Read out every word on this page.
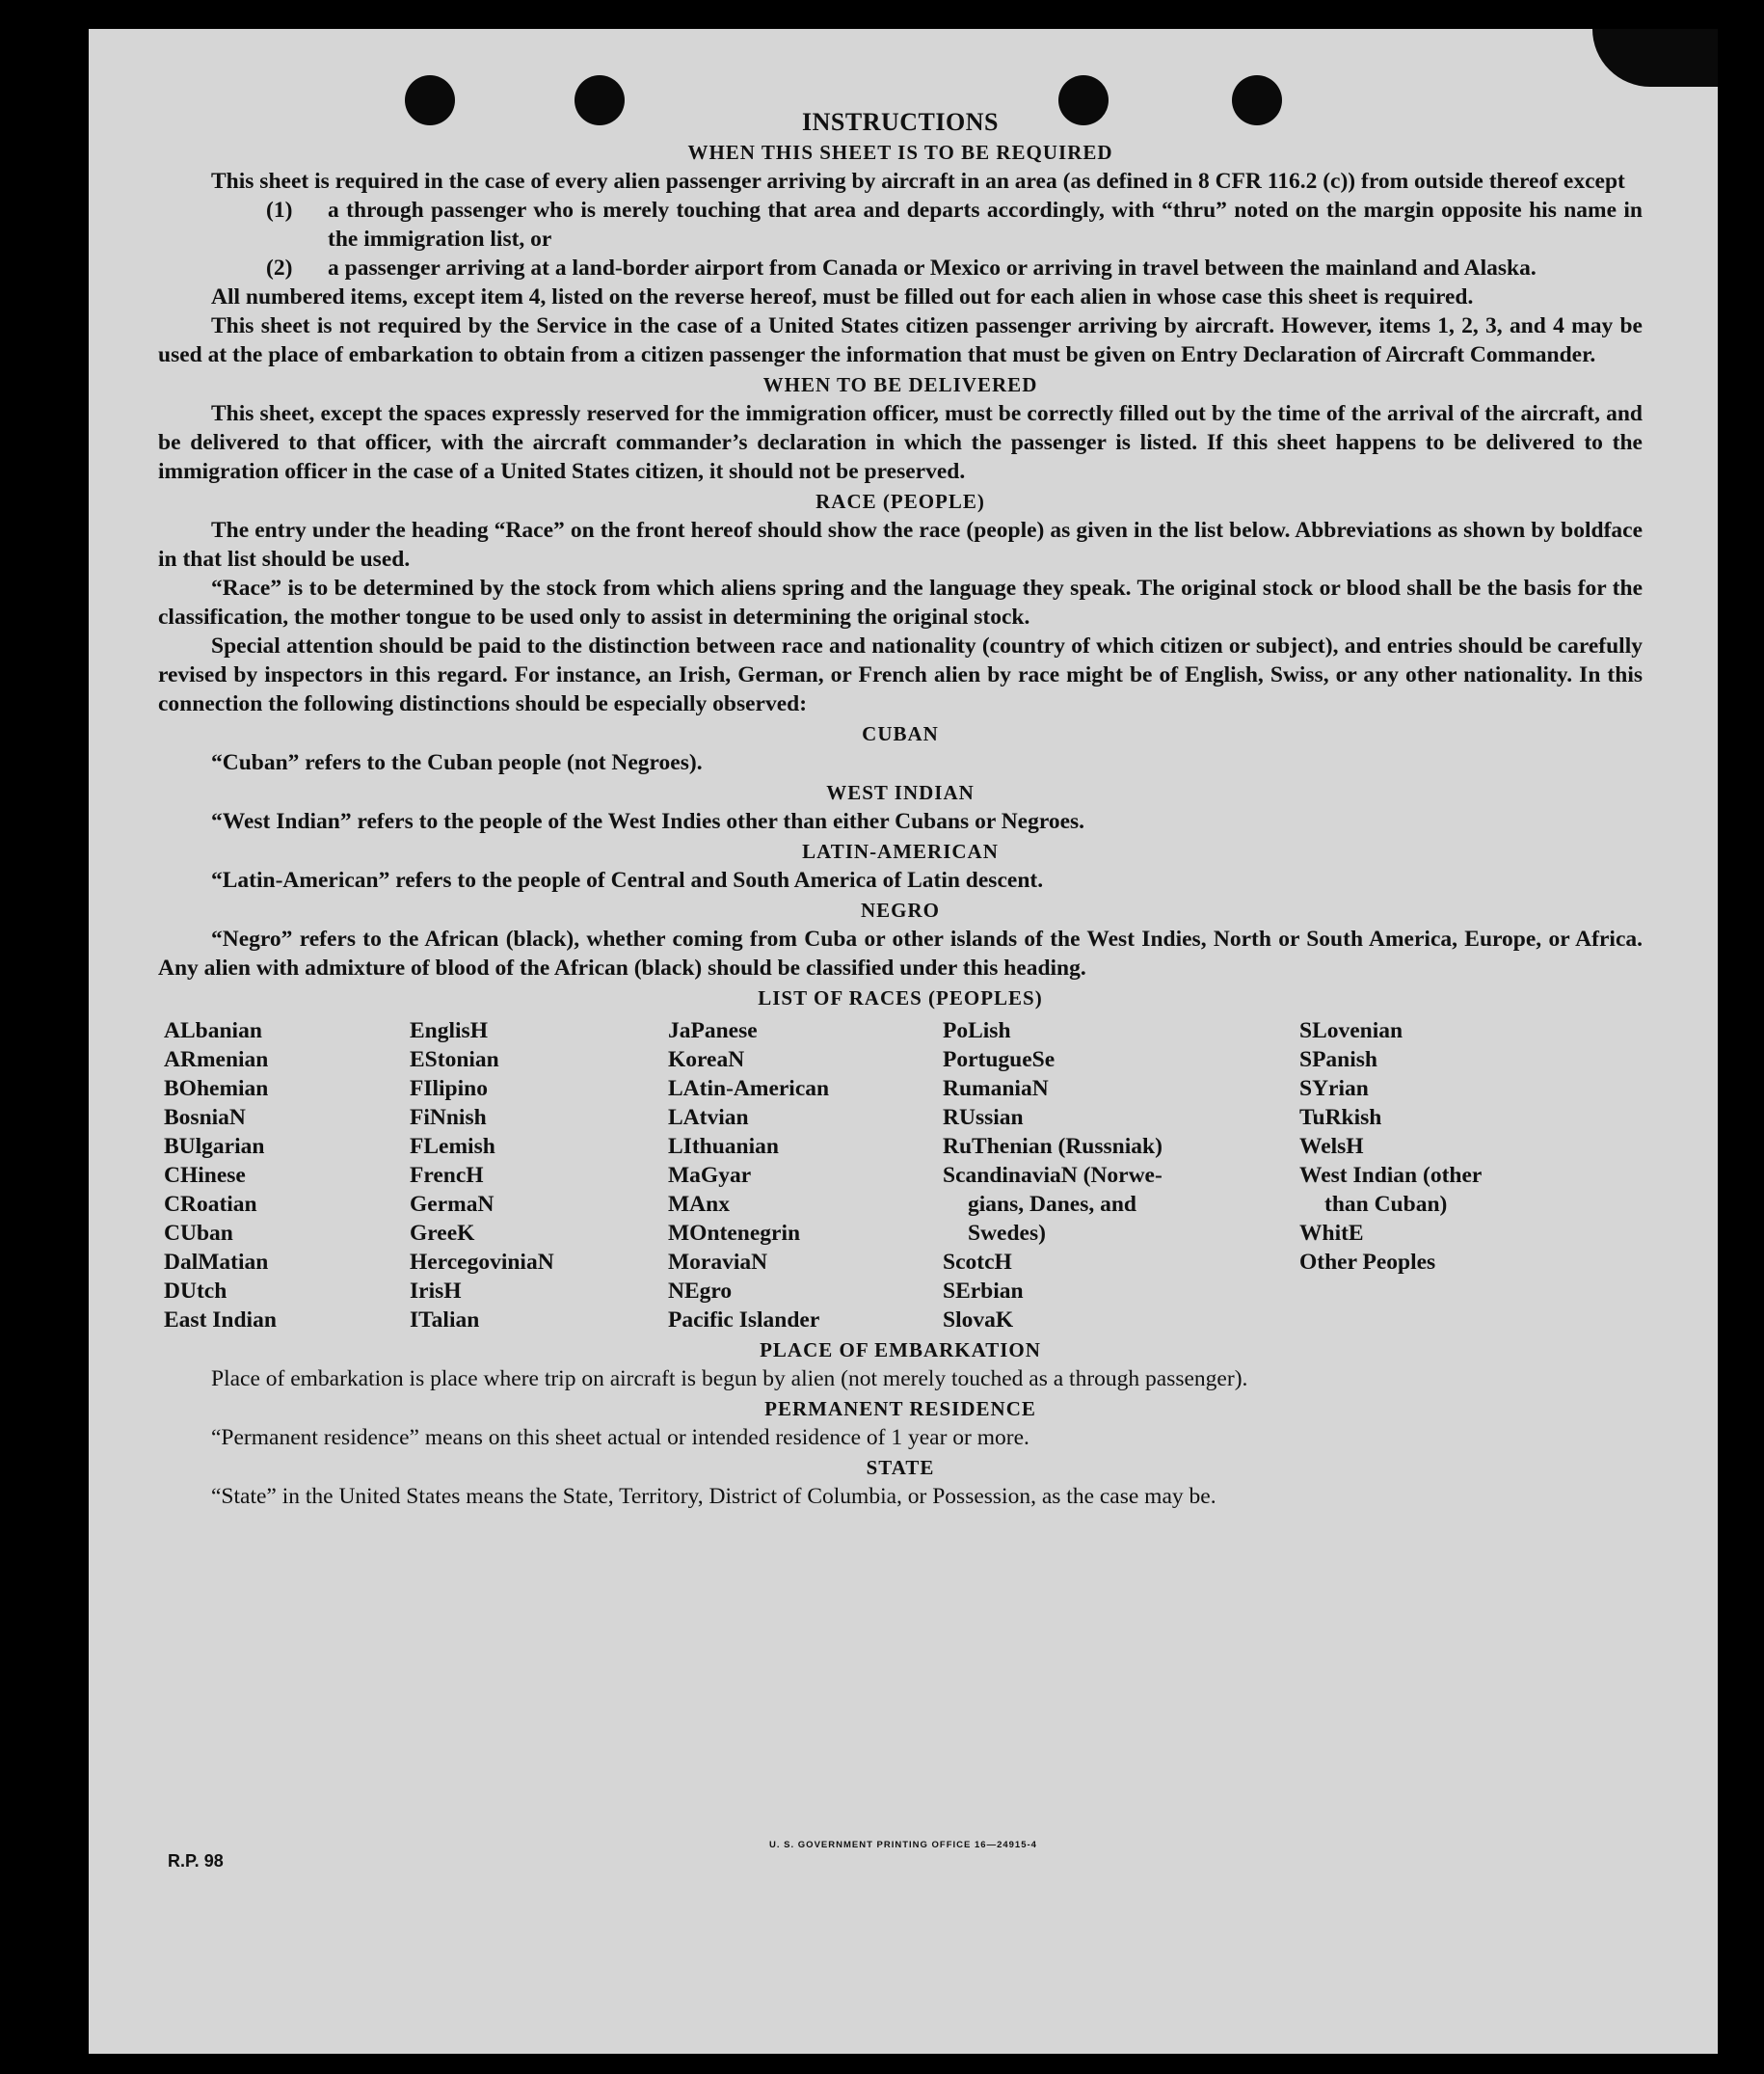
INSTRUCTIONS
WHEN THIS SHEET IS TO BE REQUIRED

This sheet is required in the case of every alien passenger arriving by aircraft in an area (as defined in 8 CFR 116.2 (c)) from outside thereof except

(1)	a through passenger who is merely touching that area and departs accordingly, with “thru” noted on the margin opposite his name in the immigration list, or
(2)	a passenger arriving at a land-border airport from Canada or Mexico or arriving in travel between the mainland and Alaska.

All numbered items, except item 4, listed on the reverse hereof, must be filled out for each alien in whose case this sheet is required.

This sheet is not required by the Service in the case of a United States citizen passenger arriving by aircraft. However, items 1, 2, 3, and 4 may be used at the place of embarkation to obtain from a citizen passenger the information that must be given on Entry Declaration of Aircraft Commander.

WHEN TO BE DELIVERED

This sheet, except the spaces expressly reserved for the immigration officer, must be correctly filled out by the time of the arrival of the aircraft, and be delivered to that officer, with the aircraft commander’s declaration in which the passenger is listed. If this sheet happens to be delivered to the immigration officer in the case of a United States citizen, it should not be preserved.

RACE (PEOPLE)

The entry under the heading “Race” on the front hereof should show the race (people) as given in the list below. Abbreviations as shown by boldface in that list should be used.

“Race” is to be determined by the stock from which aliens spring and the language they speak. The original stock or blood shall be the basis for the classification, the mother tongue to be used only to assist in determining the original stock.

Special attention should be paid to the distinction between race and nationality (country of which citizen or subject), and entries should be carefully revised by inspectors in this regard. For instance, an Irish, German, or French alien by race might be of English, Swiss, or any other nationality. In this connection the following distinctions should be especially observed:

CUBAN

“Cuban” refers to the Cuban people (not Negroes).

WEST INDIAN

“West Indian” refers to the people of the West Indies other than either Cubans or Negroes.

LATIN-AMERICAN

“Latin-American” refers to the people of Central and South America of Latin descent.

NEGRO

“Negro” refers to the African (black), whether coming from Cuba or other islands of the West Indies, North or South America, Europe, or Africa. Any alien with admixture of blood of the African (black) should be classified under this heading.

LIST OF RACES (PEOPLES)
ALbanian
ARmenian
BOhemian
BosniaN
BUlgarian
CHinese
CRoatian
CUban
DalMatian
DUtch
East Indian
EnglisH
EStonian
FIlipino
FiNnish
FLemish
FrencH
GermaN
GreeK
HercegoviniaN
IrisH
ITalian
JaPanese
KoreaN
LAtin-American
LAtvian
LIthuanian
MaGyar
MAnx
MOntenegrin
MoraviaN
NEgro
Pacific Islander
PoLish
PortugueSe
RumaniaN
RUssian
RuThenian (Russniak)
ScandinaviaN (Norwe-
gians, Danes, and
Swedes)
ScotcH
SErbian
SlovaK
SLovenian
SPanish
SYrian
TuRkish
WelsH
West Indian (other
than Cuban)
WhitE
Other Peoples
PLACE OF EMBARKATION

Place of embarkation is place where trip on aircraft is begun by alien (not merely touched as a through passenger).

PERMANENT RESIDENCE

“Permanent residence” means on this sheet actual or intended residence of 1 year or more.

STATE

“State” in the United States means the State, Territory, District of Columbia, or Possession, as the case may be.

U. S. GOVERNMENT PRINTING OFFICE 16—24915-4
R.P. 98
